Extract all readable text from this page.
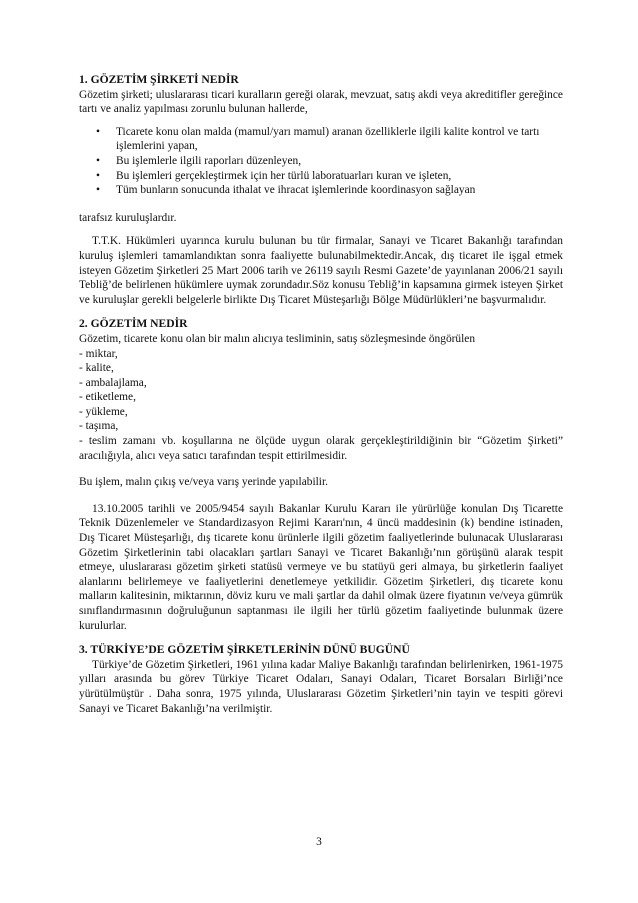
1. GÖZETİM ŞİRKETİ NEDİR

Gözetim şirketi; uluslararası ticari kuralların gereği olarak, mevzuat, satış akdi veya akreditifler gereğince tartı ve analiz yapılması zorunlu bulunan hallerde,

• Ticarete konu olan malda (mamul/yarı mamul) aranan özelliklerle ilgili kalite kontrol ve tartı işlemlerini yapan,
• Bu işlemlerle ilgili raporları düzenleyen,
• Bu işlemleri gerçekleştirmek için her türlü laboratuarları kuran ve işleten,
• Tüm bunların sonucunda ithalat ve ihracat işlemlerinde koordinasyon sağlayan

tarafsız kuruluşlardır.

T.T.K. Hükümleri uyarınca kurulu bulunan bu tür firmalar, Sanayi ve Ticaret Bakanlığı tarafından kuruluş işlemleri tamamlandıktan sonra faaliyette bulunabilmektedir.Ancak, dış ticaret ile işgal etmek isteyen Gözetim Şirketleri 25 Mart 2006 tarih ve 26119 sayılı Resmi Gazete’de yayınlanan 2006/21 sayılı Tebliğ’de belirlenen hükümlere uymak zorundadır.Söz konusu Tebliğ’in kapsamına girmek isteyen Şirket ve kuruluşlar gerekli belgelerle birlikte Dış Ticaret Müsteşarlığı Bölge Müdürlükleri’ne başvurmalıdır.

2. GÖZETİM NEDİR

Gözetim, ticarete konu olan bir malın alıcıya tesliminin, satış sözleşmesinde öngörülen

- miktar,
- kalite,
- ambalajlama,
- etiketleme,
- yükleme,
- taşıma,
- teslim zamanı vb. koşullarına ne ölçüde uygun olarak gerçekleştirildiğinin bir “Gözetim Şirketi” aracılığıyla, alıcı veya satıcı tarafından tespit ettirilmesidir.

Bu işlem, malın çıkış ve/veya varış yerinde yapılabilir.

13.10.2005 tarihli ve 2005/9454 sayılı Bakanlar Kurulu Kararı ile yürürlüğe konulan Dış Ticarette Teknik Düzenlemeler ve Standardizasyon Rejimi Kararı'nın, 4 üncü maddesinin (k) bendine istinaden, Dış Ticaret Müsteşarlığı, dış ticarete konu ürünlerle ilgili gözetim faaliyetlerinde bulunacak Uluslararası Gözetim Şirketlerinin tabi olacakları şartları Sanayi ve Ticaret Bakanlığı’nın görüşünü alarak tespit etmeye, uluslararası gözetim şirketi statüsü vermeye ve bu statüyü geri almaya, bu şirketlerin faaliyet alanlarını belirlemeye ve faaliyetlerini denetlemeye yetkilidir. Gözetim Şirketleri, dış ticarete konu malların kalitesinin, miktarının, döviz kuru ve mali şartlar da dahil olmak üzere fiyatının ve/veya gümrük sınıflandırmasının doğruluğunun saptanması ile ilgili her türlü gözetim faaliyetinde bulunmak üzere kurulurlar.

3. TÜRKİYE’DE GÖZETİM ŞİRKETLERİNİN DÜNÜ BUGÜNÜ

Türkiye’de Gözetim Şirketleri, 1961 yılına kadar Maliye Bakanlığı tarafından belirlenirken, 1961-1975 yılları arasında bu görev Türkiye Ticaret Odaları, Sanayi Odaları, Ticaret Borsaları Birliği’nce yürütülmüştür . Daha sonra, 1975 yılında, Uluslararası Gözetim Şirketleri’nin tayin ve tespiti görevi Sanayi ve Ticaret Bakanlığı’na verilmiştir.

3
